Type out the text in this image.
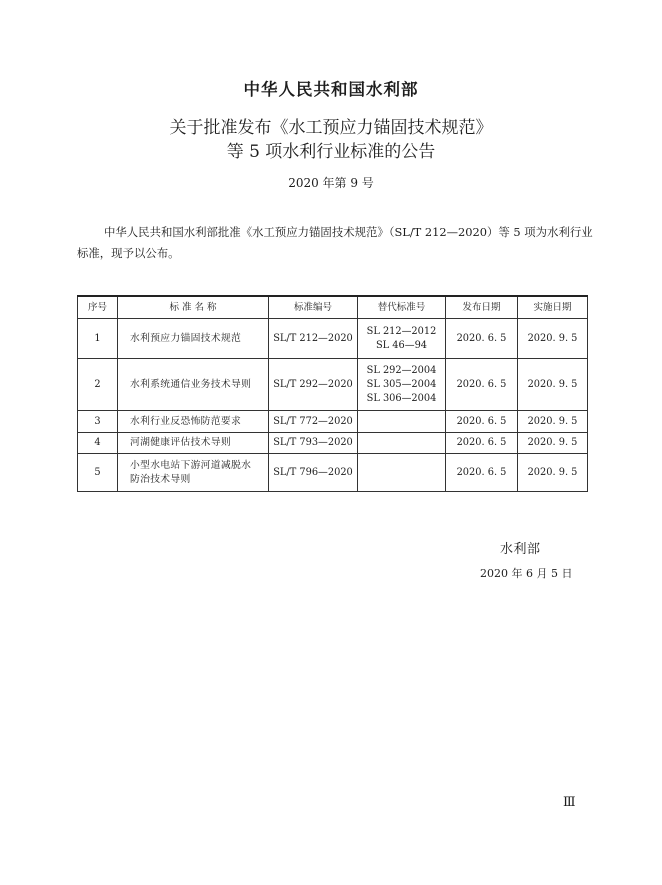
中华人民共和国水利部
关于批准发布《水工预应力锚固技术规范》
等 5 项水利行业标准的公告
2020 年第 9 号
中华人民共和国水利部批准《水工预应力锚固技术规范》（SL/T 212—2020）等 5 项为水利行业
标准，现予以公布。
序号	标 准 名 称	标准编号	替代标准号	发布日期	实施日期
1	水利预应力锚固技术规范	SL/T 212—2020	SL 212—2012
SL 46—94	2020. 6. 5	2020. 9. 5
2	水利系统通信业务技术导则	SL/T 292—2020	SL 292—2004
SL 305—2004
SL 306—2004	2020. 6. 5	2020. 9. 5
3	水利行业反恐怖防范要求	SL/T 772—2020		2020. 6. 5	2020. 9. 5
4	河湖健康评估技术导则	SL/T 793—2020		2020. 6. 5	2020. 9. 5
5	小型水电站下游河道减脱水
防治技术导则	SL/T 796—2020		2020. 6. 5	2020. 9. 5
水利部
2020 年 6 月 5 日
Ⅲ
